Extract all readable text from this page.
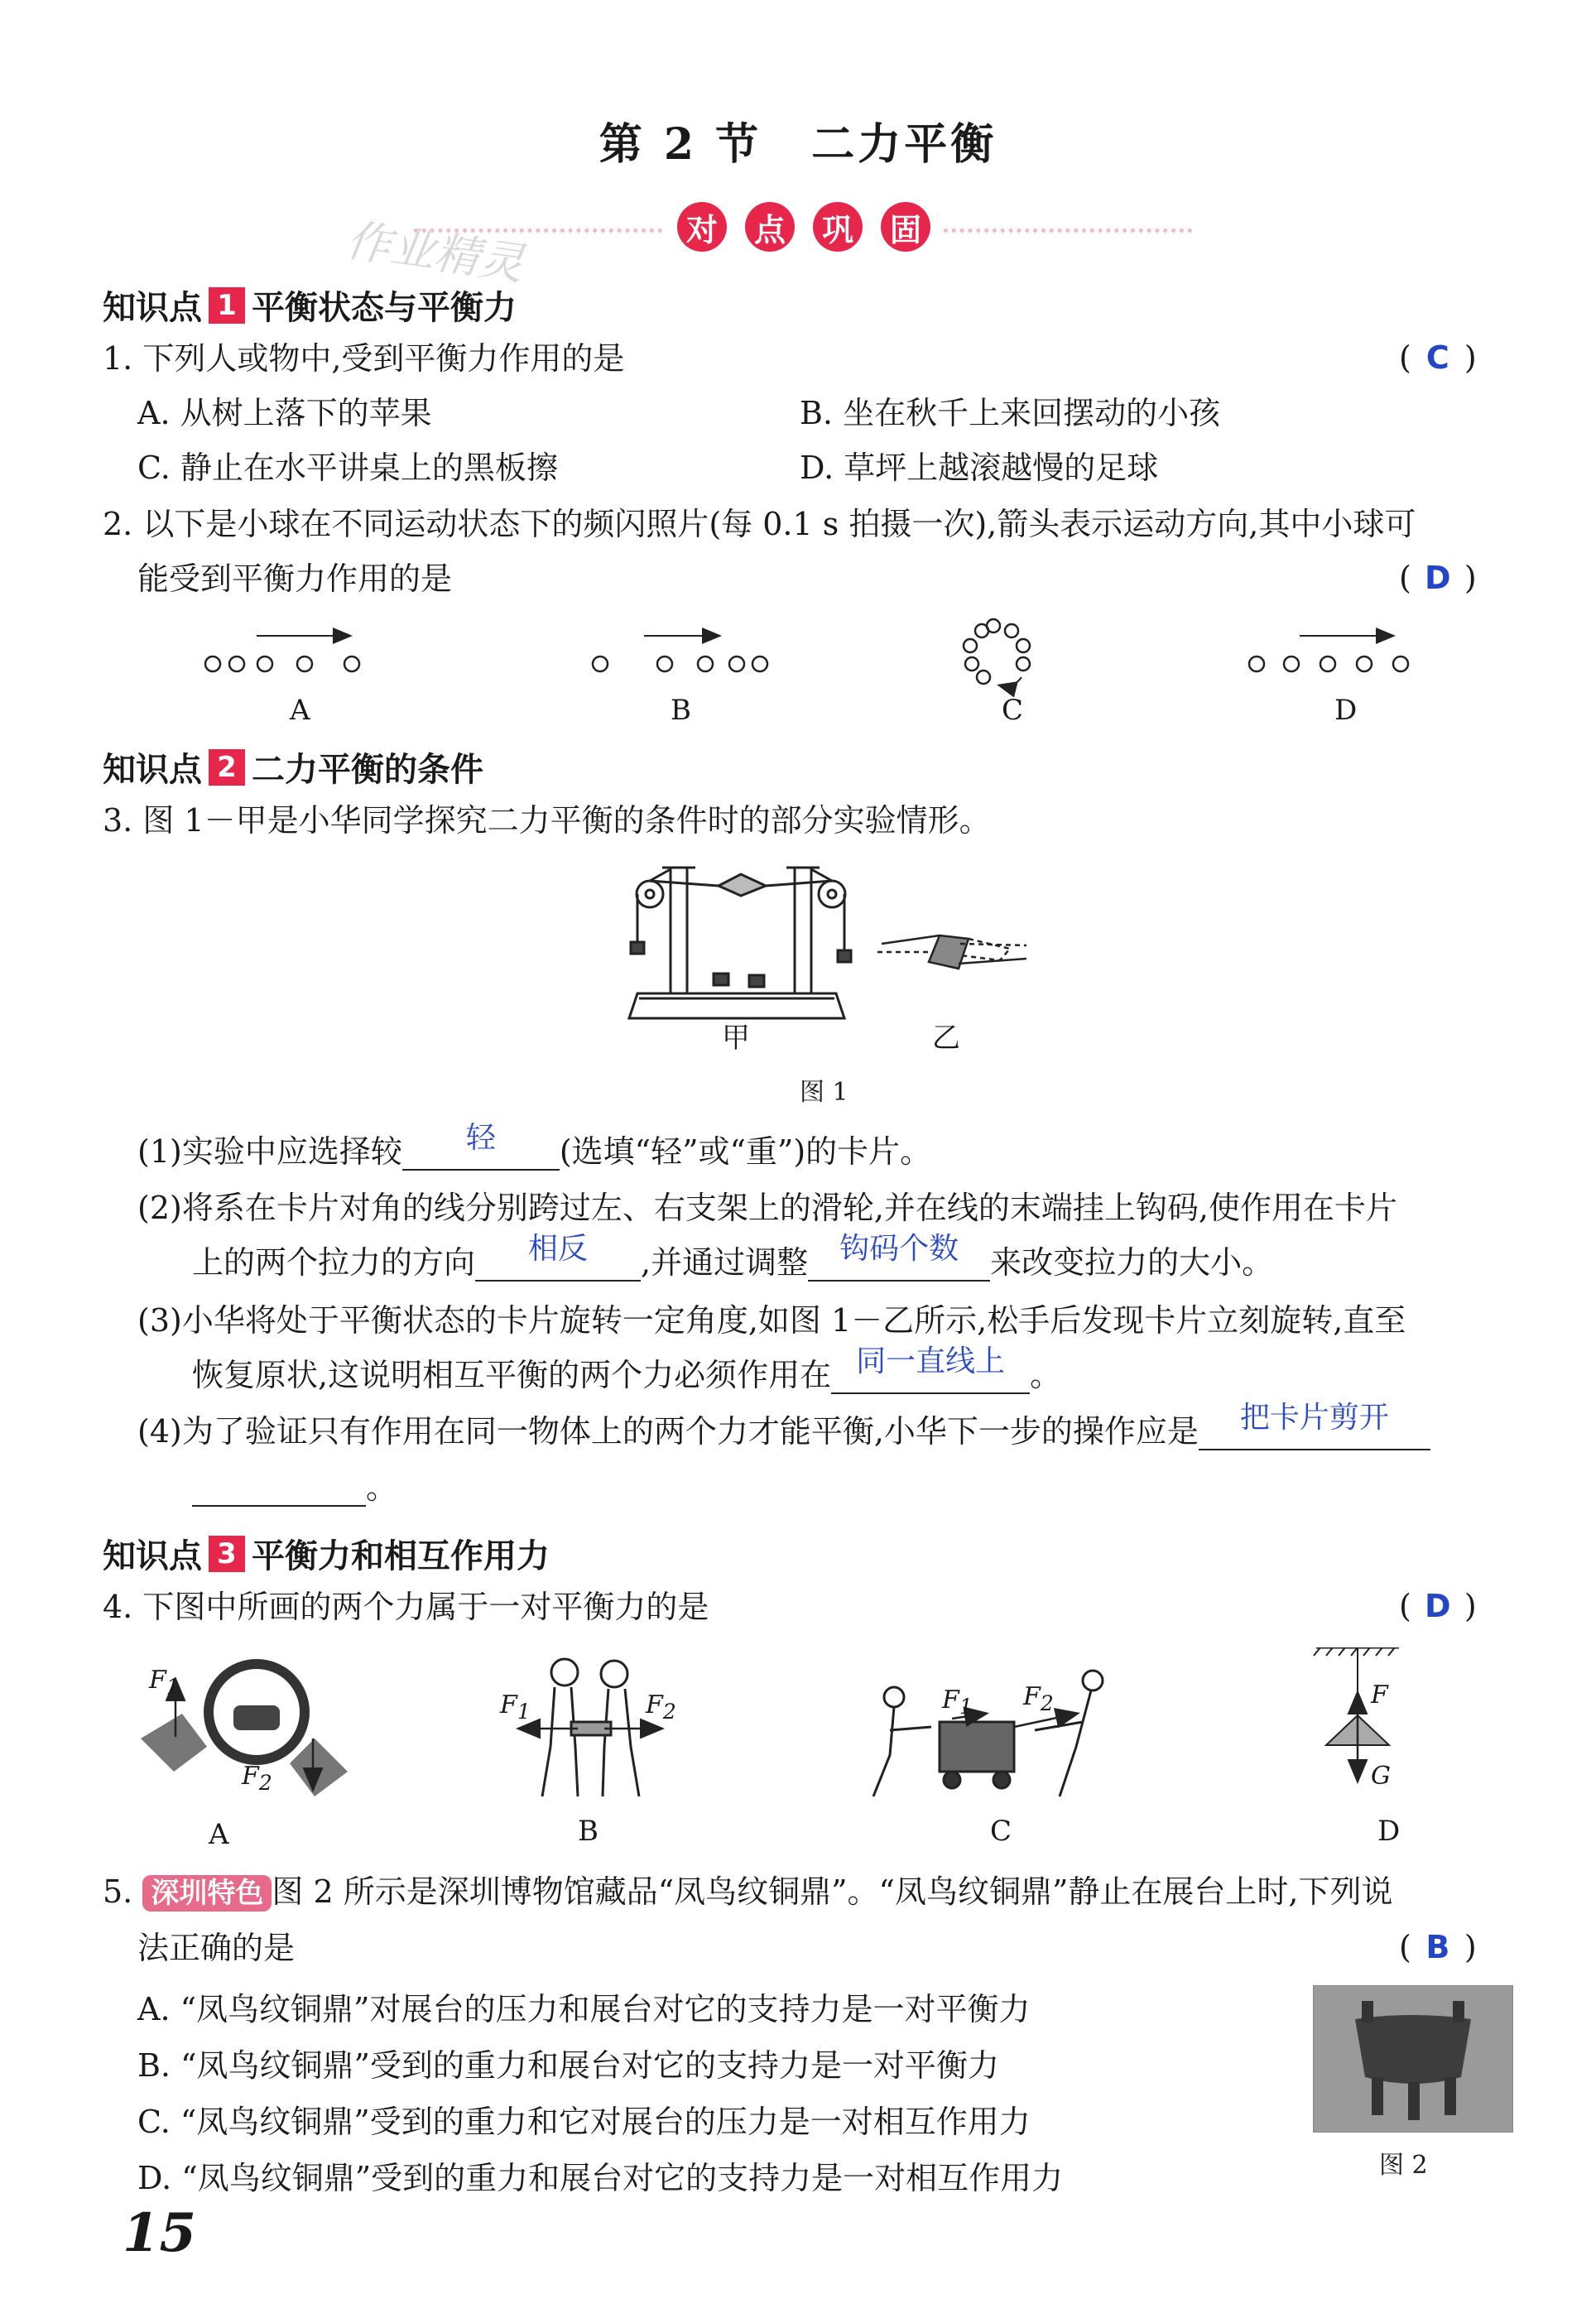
第 2 节 二力平衡
对 点 巩 固
作业精灵
知识点 1 平衡状态与平衡力
1. 下列人或物中,受到平衡力作用的是	( C )
A. 从树上落下的苹果	B. 坐在秋千上来回摆动的小孩
C. 静止在水平讲桌上的黑板擦	D. 草坪上越滚越慢的足球
2. 以下是小球在不同运动状态下的频闪照片(每 0.1 s 拍摄一次),箭头表示运动方向,其中小球可
能受到平衡力作用的是	( D )
A	B	C	D
知识点 2 二力平衡的条件
3. 图 1－甲是小华同学探究二力平衡的条件时的部分实验情形。
甲	乙
图 1
(1)实验中应选择较	轻	(选填“轻”或“重”)的卡片。
(2)将系在卡片对角的线分别跨过左、右支架上的滑轮,并在线的末端挂上钩码,使作用在卡片
上的两个拉力的方向	相反	,并通过调整	钩码个数	来改变拉力的大小。
(3)小华将处于平衡状态的卡片旋转一定角度,如图 1－乙所示,松手后发现卡片立刻旋转,直至
恢复原状,这说明相互平衡的两个力必须作用在 同一直线上 。
(4)为了验证只有作用在同一物体上的两个力才能平衡,小华下一步的操作应是	把卡片剪开
。
知识点 3 平衡力和相互作用力
4. 下图中所画的两个力属于一对平衡力的是	( D )
$F_1$
$F_2$
$F_1$	$F_2$	$F_1$ $F_2$	F
G
A	B	C	D
5. 深圳特色 图 2 所示是深圳博物馆藏品“凤鸟纹铜鼎”。“凤鸟纹铜鼎”静止在展台上时,下列说
法正确的是	( B )
A. “凤鸟纹铜鼎”对展台的压力和展台对它的支持力是一对平衡力
B. “凤鸟纹铜鼎”受到的重力和展台对它的支持力是一对平衡力
C. “凤鸟纹铜鼎”受到的重力和它对展台的压力是一对相互作用力
D. “凤鸟纹铜鼎”受到的重力和展台对它的支持力是一对相互作用力	图 2
15
